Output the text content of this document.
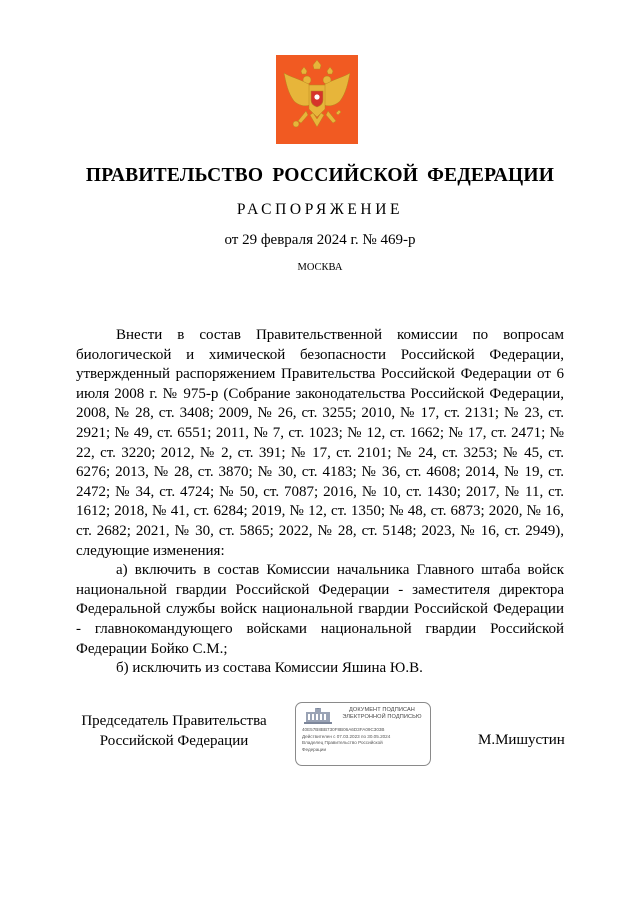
ПРАВИТЕЛЬСТВО РОССИЙСКОЙ ФЕДЕРАЦИИ
РАСПОРЯЖЕНИЕ
от 29 февраля 2024 г. № 469-р
МОСКВА

Внести в состав Правительственной комиссии по вопросам биологической и химической безопасности Российской Федерации, утвержденный распоряжением Правительства Российской Федерации от 6 июля 2008 г. № 975-р (Собрание законодательства Российской Федерации, 2008, № 28, ст. 3408; 2009, № 26, ст. 3255; 2010, № 17, ст. 2131; № 23, ст. 2921; № 49, ст. 6551; 2011, № 7, ст. 1023; № 12, ст. 1662; № 17, ст. 2471; № 22, ст. 3220; 2012, № 2, ст. 391; № 17, ст. 2101; № 24, ст. 3253; № 45, ст. 6276; 2013, № 28, ст. 3870; № 30, ст. 4183; № 36, ст. 4608; 2014, № 19, ст. 2472; № 34, ст. 4724; № 50, ст. 7087; 2016, № 10, ст. 1430; 2017, № 11, ст. 1612; 2018, № 41, ст. 6284; 2019, № 12, ст. 1350; № 48, ст. 6873; 2020, № 16, ст. 2682; 2021, № 30, ст. 5865; 2022, № 28, ст. 5148; 2023, № 16, ст. 2949), следующие изменения:

а) включить в состав Комиссии начальника Главного штаба войск национальной гвардии Российской Федерации - заместителя директора Федеральной службы войск национальной гвардии Российской Федерации - главнокомандующего войсками национальной гвардии Российской Федерации Бойко С.М.;

б) исключить из состава Комиссии Яшина Ю.В.

Председатель Правительства
Российской Федерации
ДОКУМЕНТ ПОДПИСАН
ЭЛЕКТРОННОЙ ПОДПИСЬЮ
40E57B8BB730F8B06A6D3FA09C303B
Действителен с 07.03.2023 по 30.05.2024
Владелец Правительство Российской
Федерации
М.Мишустин
